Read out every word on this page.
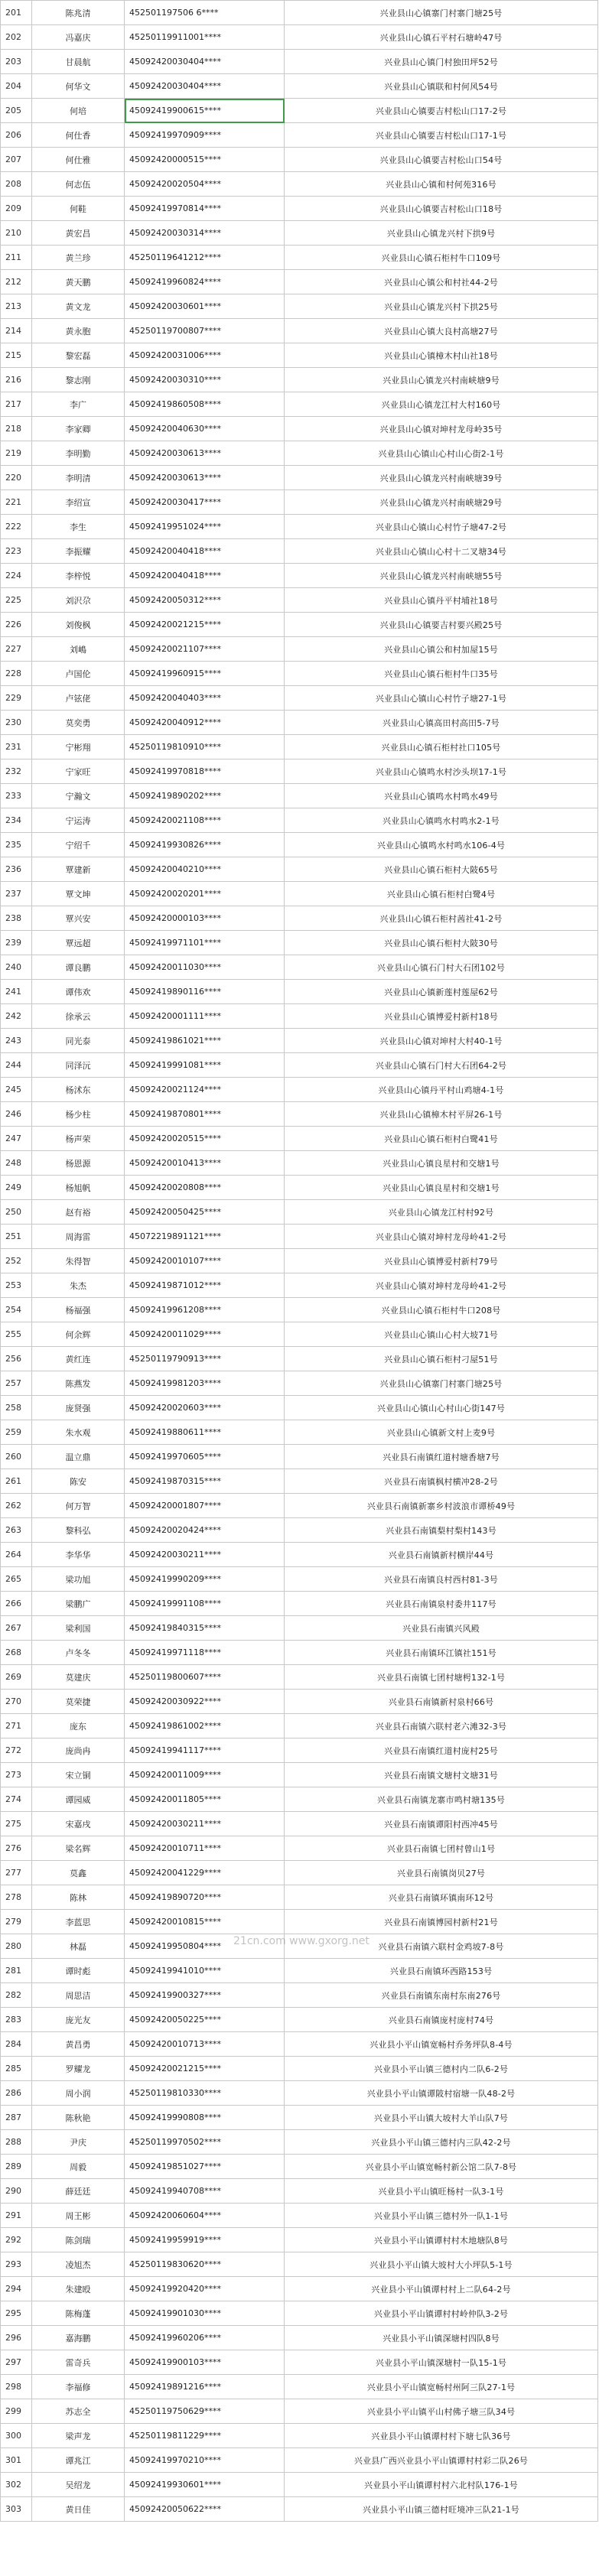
201	陈兆清	452501197506 6****	兴业县山心镇寨门村寨门塘25号
202	冯嘉庆	45250119911001****	兴业县山心镇石平村石塘岭47号
203	甘晨航	45092420030404****	兴业县山心镇门村独田坪52号
204	何华文	45092420030404****	兴业县山心镇联和村何风54号
205	何培	45092419900615****	兴业县山心镇要吉村松山口17-2号
206	何仕香	45092419970909****	兴业县山心镇要吉村松山口17-1号
207	何仕雅	45092420000515****	兴业县山心镇要吉村松山口54号
208	何志伍	45092420020504****	兴业县山心镇和村何苑316号
209	何鞋	45092419970814****	兴业县山心镇要吉村松山口18号
210	黄宏昌	45092420030314****	兴业县山心镇龙兴村下拱9号
211	黄兰珍	45250119641212****	兴业县山心镇石柜村牛口109号
212	黄天鹏	45092419960824****	兴业县山心镇公和村社44-2号
213	黄文龙	45092420030601****	兴业县山心镇龙兴村下拱25号
214	黄永胞	45250119700807****	兴业县山心镇大良村高塘27号
215	黎宏磊	45092420031006****	兴业县山心镇樟木村山社18号
216	黎志刚	45092420030310****	兴业县山心镇龙兴村南峡塘9号
217	李广	45092419860508****	兴业县山心镇龙江村大村160号
218	李家卿	45092420040630****	兴业县山心镇对坤村龙母岭35号
219	李明勤	45092420030613****	兴业县山心镇山心村山心街2-1号
220	李明清	45092420030613****	兴业县山心镇龙兴村南峡塘39号
221	李绍宣	45092420030417****	兴业县山心镇龙兴村南峡塘29号
222	李生	45092419951024****	兴业县山心镇山心村竹子塘47-2号
223	李振耀	45092420040418****	兴业县山心镇山心村十二叉塘34号
224	李梓悦	45092420040418****	兴业县山心镇龙兴村南峡塘55号
225	刘沢尕	45092420050312****	兴业县山心镇丹平村埔社18号
226	刘俊枫	45092420021215****	兴业县山心镇要吉村要兴殿25号
227	刘嶋	45092420021107****	兴业县山心镇公和村加屋15号
228	卢国伦	45092419960915****	兴业县山心镇石柜村牛口35号
229	卢铉佬	45092420040403****	兴业县山心镇山心村竹子塘27-1号
230	莫奕勇	45092420040912****	兴业县山心镇高田村高田5-7号
231	宁彬翔	45250119810910****	兴业县山心镇石柜村社口105号
232	宁家旺	45092419970818****	兴业县山心镇鸣水村沙头坝17-1号
233	宁瀚文	45092419890202****	兴业县山心镇鸣水村鸣水49号
234	宁运涛	45092420021108****	兴业县山心镇鸣水村鸣水2-1号
235	宁绍千	45092419930826****	兴业县山心镇鸣水村鸣水106-4号
236	覃建新	45092420040210****	兴业县山心镇石柜村大陂65号
237	覃文坤	45092420020201****	兴业县山心镇石柜村白鹭4号
238	覃兴安	45092420000103****	兴业县山心镇石柜村茜社41-2号
239	覃远超	45092419971101****	兴业县山心镇石柜村大陂30号
240	谭良鹏	45092420011030****	兴业县山心镇石门村大石团102号
241	谭伟欢	45092419890116****	兴业县山心镇新莲村莲屋62号
242	徐承云	45092420001111****	兴业县山心镇博爱村新村18号
243	同光泰	45092419861021****	兴业县山心镇对坤村大村40-1号
244	同泽沅	45092419991081****	兴业县山心镇石门村大石团64-2号
245	杨沭东	45092420021124****	兴业县山心镇丹平村山鸡塘4-1号
246	杨少柱	45092419870801****	兴业县山心镇樟木村平屏26-1号
247	杨声荣	45092420020515****	兴业县山心镇石柜村白鹭41号
248	杨恩源	45092420010413****	兴业县山心镇良星村和交塘1号
249	杨旭帆	45092420020808****	兴业县山心镇良星村和交塘1号
250	赵有裕	45092420050425****	兴业县山心镇龙江村村92号
251	周海雷	45072219891121****	兴业县山心镇对坤村龙母岭41-2号
252	朱得智	45092420010107****	兴业县山心镇博爱村新村79号
253	朱杰	45092419871012****	兴业县山心镇对坤村龙母岭41-2号
254	杨福强	45092419961208****	兴业县山心镇石柜村牛口208号
255	何余辉	45092420011029****	兴业县山心镇山心村大坡71号
256	黄红连	45250119790913****	兴业县山心镇石柜村刁屋51号
257	陈燕发	45092419981203****	兴业县山心镇寨门村寨门塘25号
258	庞贤强	45092420020603****	兴业县山心镇山心村山心街147号
259	朱水观	45092419880611****	兴业县山心镇新文村上麦9号
260	温立鼎	45092419970605****	兴业县石南镇红道村塘香塘7号
261	陈安	45092419870315****	兴业县石南镇枫村横冲28-2号
262	何万智	45092420001807****	兴业县石南镇新寨乡村波浪市谭桥49号
263	黎科弘	45092420020424****	兴业县石南镇梨村梨村143号
264	李华华	45092420030211****	兴业县石南镇新村横岸44号
265	梁功旭	45092419990209****	兴业县石南镇良村西村81-3号
266	梁鹏广	45092419991108****	兴业县石南镇泉村委井117号
267	梁利国	45092419840315****	兴业县石南镇兴风殿
268	卢冬冬	45092419971118****	兴业县石南镇环江镇社151号
269	莫建庆	45250119800607****	兴业县石南镇七团村塘枵132-1号
270	莫荣捷	45092420030922****	兴业县石南镇新村泉村66号
271	庞东	45092419861002****	兴业县石南镇六联村老六滩32-3号
272	庞尚冉	45092419941117****	兴业县石南镇红道村庞村25号
273	宋立铜	45092420011009****	兴业县石南镇文塘村文塘31号
274	谭园威	45092420011805****	兴业县石南镇龙寨市鸣村塘135号
275	宋嘉戌	45092420030211****	兴业县石南镇谭阳村西冲45号
276	梁名辉	45092420010711****	兴业县石南镇七团村曾山1号
277	莫鑫	45092420041229****	兴业县石南镇岗贝27号
278	陈林	45092419890720****	兴业县石南镇环镇南环12号
279	李蓝思	45092420010815****	兴业县石南镇博园村新村21号
280	林磊	45092419950804****	兴业县石南镇六联村金鸡坡7-8号
281	谭时彪	45092419941010****	兴业县石南镇环西路153号
282	周思洁	45092419900327****	兴业县石南镇东南村东南276号
283	庞光友	45092420050225****	兴业县石南镇庞村庞村74号
284	黄昌勇	45092420010713****	兴业县小平山镇宽畅村乔务坪队8-4号
285	罗耀龙	45092420021215****	兴业县小平山镇三德村内二队6-2号
286	周小润	45250119810330****	兴业县小平山镇谭陂村宿塘一队48-2号
287	陈秋艳	45092419990808****	兴业县小平山镇大坡村大羊山队7号
288	尹庆	45250119970502****	兴业县小平山镇三德村内三队42-2号
289	周毅	45092419851027****	兴业县小平山镇宽畅村新公馆二队7-8号
290	薛廷廷	45092419940708****	兴业县小平山镇旺杨村一队3-1号
291	周王彬	45092420060604****	兴业县小平山镇三德村外一队1-1号
292	陈剑瑞	45092419959919****	兴业县小平山镇谭村村木地塘队8号
293	凌旭杰	45250119830620****	兴业县小平山镇大坡村大小坪队5-1号
294	朱建殴	45092419920420****	兴业县小平山镇谭村村上二队64-2号
295	陈梅蓬	45092419901030****	兴业县小平山镇谭村村岭仲队3-2号
296	嘉海鹏	45092419960206****	兴业县小平山镇深塘村四队8号
297	雷奇兵	45092419900103****	兴业县小平山镇深塘村一队15-1号
298	李福修	45092419891216****	兴业县小平山镇宽畅村州阿三队27-1号
299	苏志全	45250119750629****	兴业县小平山镇平山村佛子塘三队34号
300	梁声龙	45250119811229****	兴业县小平山镇谭村村下塘七队36号
301	谭兆江	45092419970210****	兴业县广西兴业县小平山镇谭村村彩二队26号
302	吴绍龙	45092419930601****	兴业县小平山镇谭村村六北村队176-1号
303	黄日佳	45092420050622****	兴业县小平山镇三德村旺境冲三队21-1号
21cn.com www.gxorg.net
